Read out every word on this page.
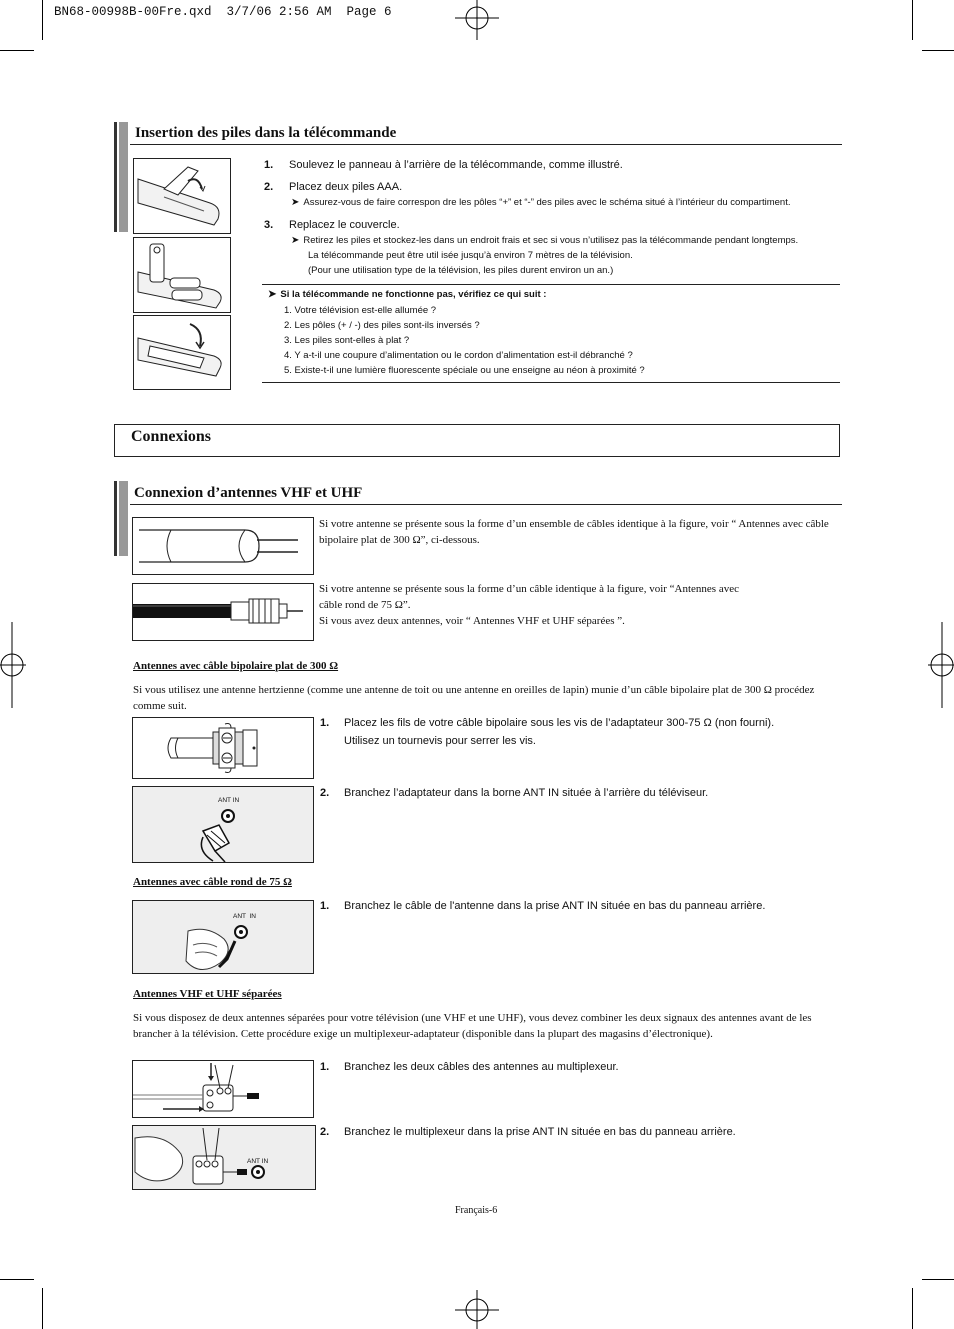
BN68-00998B-00Fre.qxd  3/7/06 2:56 AM  Page 6
Insertion des piles dans la télécommande
1. Soulevez le panneau à l’arrière de la télécommande, comme illustré.
2. Placez deux piles AAA.
➤ Assurez-vous de faire correspon dre les pôles “+” et “-” des piles avec le schéma situé à l’intérieur du compartiment.
3. Replacez le couvercle.
➤ Retirez les piles et stockez-les dans un endroit frais et sec si vous n’utilisez pas la télécommande pendant longtemps.
La télécommande peut être util isée jusqu’à environ 7 mètres de la télévision.
(Pour une utilisation type de la télévision, les piles durent environ un an.)
➤ Si la télécommande ne fonctionne pas, vérifiez ce qui suit :
1. Votre télévision est-elle allumée ?
2. Les pôles (+ / -) des piles sont-ils inversés ?
3. Les piles sont-elles à plat ?
4. Y a-t-il une coupure d’alimentation ou le cordon d’alimentation est-il débranché ?
5. Existe-t-il une lumière fluorescente spéciale ou une enseigne au néon à proximité ?
Connexions
Connexion d’antennes VHF et UHF
Si votre antenne se présente sous la forme d’un ensemble de câbles identique à la figure, voir “ Antennes avec câble bipolaire plat de 300 Ω”, ci-dessous.
Si votre antenne se présente sous la forme d’un câble identique à la figure, voir “Antennes avec
câble rond de 75 Ω”.
Si vous avez deux antennes, voir “ Antennes VHF et UHF séparées ”.
Antennes avec câble bipolaire plat de 300 Ω
Si vous utilisez une antenne hertzienne (comme une antenne de toit ou une antenne en oreilles de lapin) munie d’un câble bipolaire plat de 300 Ω procédez comme suit.
1. Placez les fils de votre câble bipolaire sous les vis de l’adaptateur 300-75 Ω (non fourni).
Utilisez un tournevis pour serrer les vis.
ANT IN
2. Branchez l’adaptateur dans la borne ANT IN située à l’arrière du téléviseur.
Antennes avec câble rond de 75 Ω
ANT  IN
1. Branchez le câble de l'antenne dans la prise ANT IN située en bas du panneau arrière.
Antennes VHF et UHF séparées
Si vous disposez de deux antennes séparées pour votre télévision (une VHF et une UHF), vous devez combiner les deux signaux des antennes avant de les brancher à la télévision. Cette procédure exige un multiplexeur-adaptateur (disponible dans la plupart des magasins d’électronique).
1. Branchez les deux câbles des antennes au multiplexeur.
ANT IN
2. Branchez le multiplexeur dans la prise ANT IN située en bas du panneau arrière.
Français-6
